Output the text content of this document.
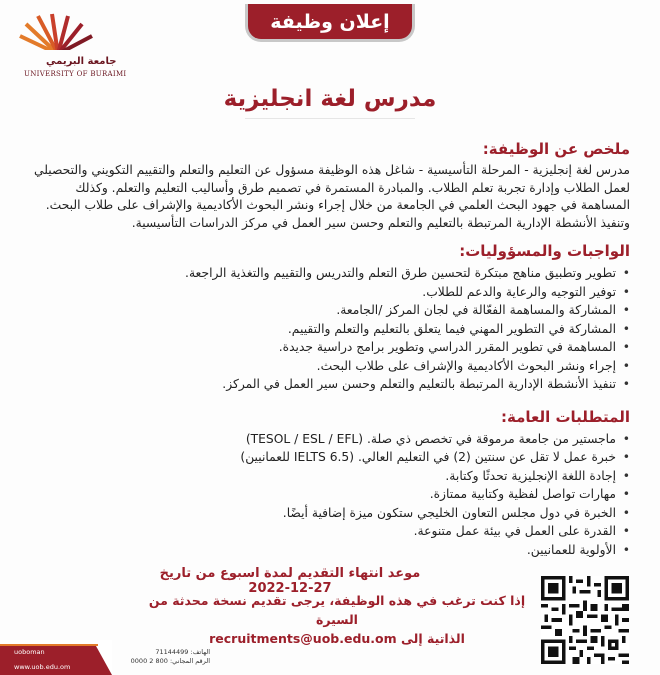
جامعة البريمي
UNIVERSITY OF BURAIMI
إعلان وظيفة
مدرس لغة انجليزية
ملخص عن الوظيفة:

مدرس لغة إنجليزية - المرحلة التأسيسية - شاغل هذه الوظيفة مسؤول عن التعليم والتعلم والتقييم التكويني والتحصيلي لعمل الطلاب وإدارة تجربة تعلم الطلاب. والمبادرة المستمرة في تصميم طرق وأساليب التعليم والتعلم. وكذلك المساهمة في جهود البحث العلمي في الجامعة من خلال إجراء ونشر البحوث الأكاديمية والإشراف على طلاب البحث. وتنفيذ الأنشطة الإدارية المرتبطة بالتعليم والتعلم وحسن سير العمل في مركز الدراسات التأسيسية.

الواجبات والمسؤوليات:
• تطوير وتطبيق مناهج مبتكرة لتحسين طرق التعلم والتدريس والتقييم والتغذية الراجعة.
• توفير التوجيه والرعاية والدعم للطلاب.
• المشاركة والمساهمة الفعّالة في لجان المركز /الجامعة.
• المشاركة في التطوير المهني فيما يتعلق بالتعليم والتعلم والتقييم.
• المساهمة في تطوير المقرر الدراسي وتطوير برامج دراسية جديدة.
• إجراء ونشر البحوث الأكاديمية والإشراف على طلاب البحث.
• تنفيذ الأنشطة الإدارية المرتبطة بالتعليم والتعلم وحسن سير العمل في المركز.
المتطلبات العامة:
• ماجستير من جامعة مرموقة في تخصص ذي صلة. (TESOL / ESL / EFL)
• خبرة عمل لا تقل عن سنتين (2) في التعليم العالي. (IELTS 6.5 للعمانيين)
• إجادة اللغة الإنجليزية تحدثًا وكتابة.
• مهارات تواصل لفظية وكتابية ممتازة.
• الخبرة في دول مجلس التعاون الخليجي ستكون ميزة إضافية أيضًا.
• القدرة على العمل في بيئة عمل متنوعة.
• الأولوية للعمانيين.
موعد انتهاء التقديم لمدة اسبوع من تاريخ 27-12-2022
إذا كنت ترغب في هذه الوظيفة، يرجى تقديم نسخة محدثة من السيرة
الذاتية إلى recruitments@uob.edu.om
uoboman
www.uob.edu.om
الهاتف: 71144499
الرقم المجاني: 800 2 0000
